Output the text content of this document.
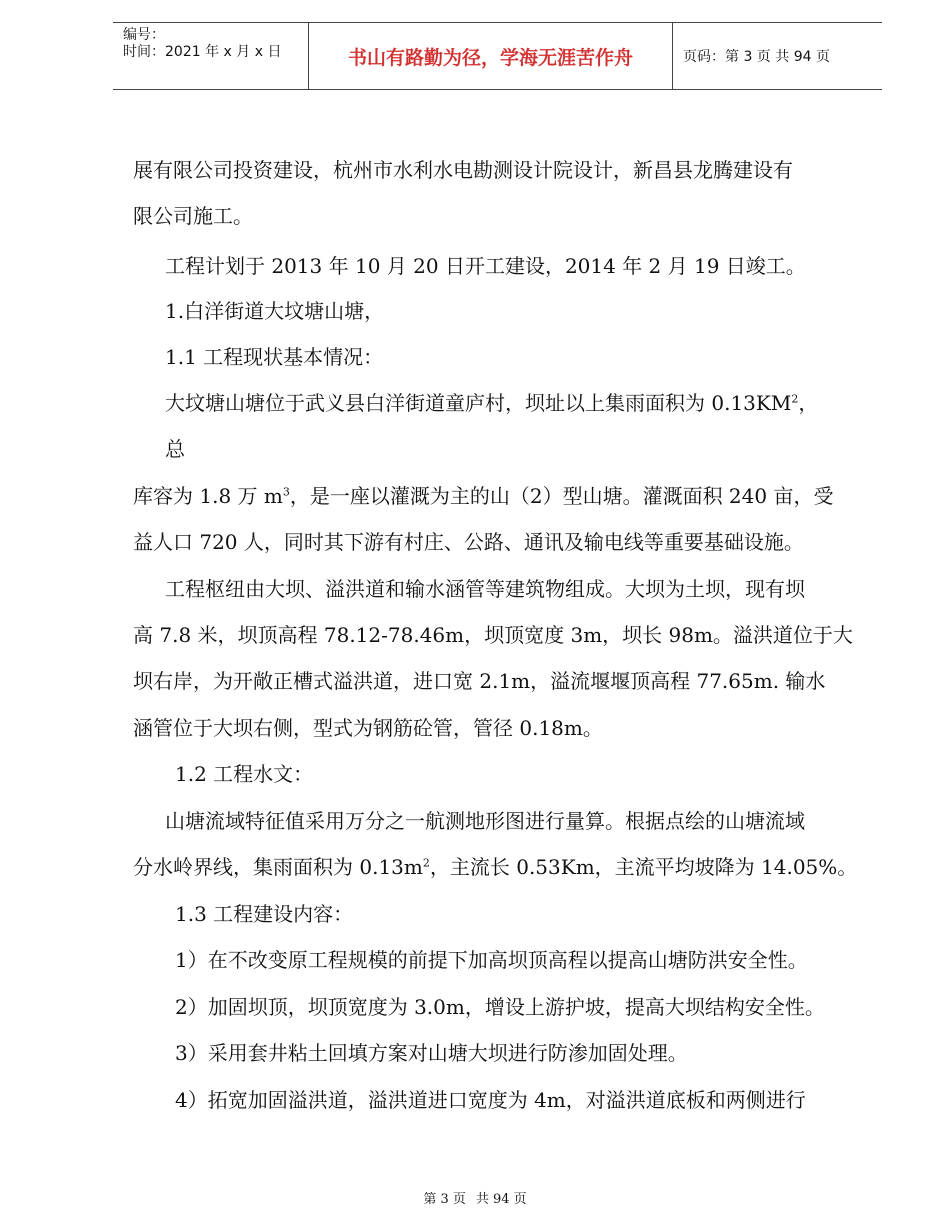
编号：
时间：2021 年 x 月 x 日	书山有路勤为径，学海无涯苦作舟	页码：第 3 页 共 94 页
展有限公司投资建设，杭州市水利水电勘测设计院设计，新昌县龙腾建设有
限公司施工。
工程计划于 2013 年 10 月 20 日开工建设，2014 年 2 月 19 日竣工。
1.白洋街道大坟塘山塘，
1.1 工程现状基本情况：
大坟塘山塘位于武义县白洋街道童庐村，坝址以上集雨面积为 $0.13KM^2$，
总
库容为 1.8 万 $m^3$，是一座以灌溉为主的山（2）型山塘。灌溉面积 240 亩，受
益人口 720 人，同时其下游有村庄、公路、通讯及输电线等重要基础设施。
工程枢纽由大坝、溢洪道和输水涵管等建筑物组成。大坝为土坝，现有坝
高 7.8 米，坝顶高程 78.12-78.46m，坝顶宽度 3m，坝长 98m。溢洪道位于大
坝右岸，为开敞正槽式溢洪道，进口宽 2.1m，溢流堰堰顶高程 77.65m. 输水
涵管位于大坝右侧，型式为钢筋砼管，管径 0.18m。
1.2 工程水文：
山塘流域特征值采用万分之一航测地形图进行量算。根据点绘的山塘流域
分水岭界线，集雨面积为 $0.13m^2$，主流长 0.53Km，主流平均坡降为 14.05%。
1.3 工程建设内容：
1）在不改变原工程规模的前提下加高坝顶高程以提高山塘防洪安全性。
2）加固坝顶，坝顶宽度为 3.0m，增设上游护坡，提高大坝结构安全性。
3）采用套井粘土回填方案对山塘大坝进行防渗加固处理。
4）拓宽加固溢洪道，溢洪道进口宽度为 4m，对溢洪道底板和两侧进行
第 3 页 共 94 页
